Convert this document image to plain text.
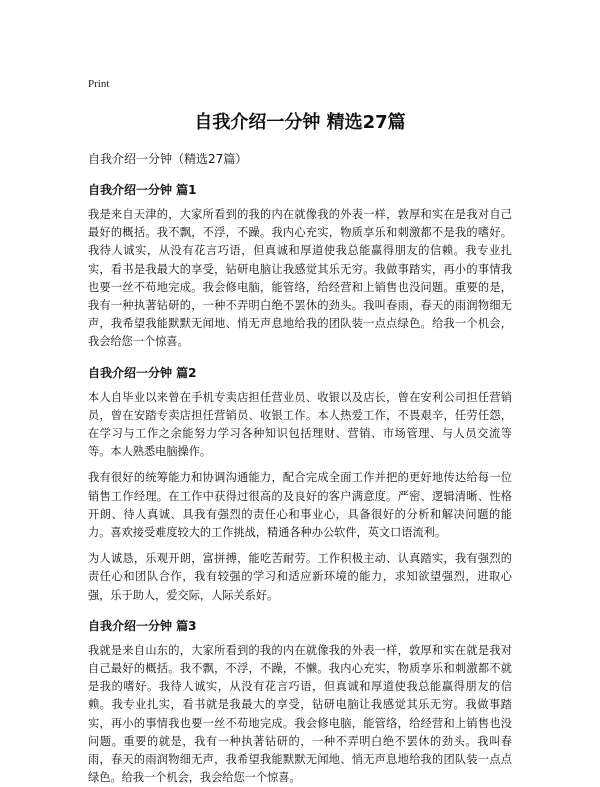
Print
自我介绍一分钟 精选27篇
自我介绍一分钟（精选27篇）
自我介绍一分钟 篇1

我是来自天津的，大家所看到的我的内在就像我的外表一样，敦厚和实在是我对自己最好的概括。我不飘，不浮，不躁。我内心充实，物质享乐和刺激都不是我的嗜好。我待人诚实，从没有花言巧语，但真诚和厚道使我总能赢得朋友的信赖。我专业扎实，看书是我最大的享受，钻研电脑让我感觉其乐无穷。我做事踏实，再小的事情我也要一丝不苟地完成。我会修电脑，能管络，给经营和上销售也没问题。重要的是，我有一种执著钻研的，一种不弄明白绝不罢休的劲头。我叫春雨，春天的雨润物细无声，我希望我能默默无闻地、悄无声息地给我的团队装一点点绿色。给我一个机会，我会给您一个惊喜。

自我介绍一分钟 篇2

本人自毕业以来曾在手机专卖店担任营业员、收银以及店长，曾在安利公司担任营销员，曾在安踏专卖店担任营销员、收银工作。本人热爱工作，不畏艰辛，任劳任怨，在学习与工作之余能努力学习各种知识包括理财、营销、市场管理、与人员交流等等。本人熟悉电脑操作。

我有很好的统筹能力和协调沟通能力，配合完成全面工作并把的更好地传达给每一位销售工作经理。在工作中获得过很高的及良好的客户满意度。严密、逻辑清晰、性格开朗、待人真诚、具我有强烈的责任心和事业心，具备很好的分析和解决问题的能力。喜欢接受难度较大的工作挑战，精通各种办公软件，英文口语流利。

为人诚恳，乐观开朗，富拼搏，能吃苦耐劳。工作积极主动、认真踏实，我有强烈的责任心和团队合作，我有较强的学习和适应新环境的能力，求知欲望强烈，进取心强，乐于助人，爱交际，人际关系好。

自我介绍一分钟 篇3

我就是来自山东的，大家所看到的我的内在就像我的外表一样，敦厚和实在就是我对自己最好的概括。我不飘，不浮，不躁，不懒。我内心充实，物质享乐和刺激都不就是我的嗜好。我待人诚实，从没有花言巧语，但真诚和厚道使我总能赢得朋友的信赖。我专业扎实，看书就是我最大的享受，钻研电脑让我感觉其乐无穷。我做事踏实，再小的事情我也要一丝不苟地完成。我会修电脑，能管络，给经营和上销售也没问题。重要的就是，我有一种执著钻研的，一种不弄明白绝不罢休的劲头。我叫春雨，春天的雨润物细无声，我希望我能默默无闻地、悄无声息地给我的团队装一点点绿色。给我一个机会，我会给您一个惊喜。
